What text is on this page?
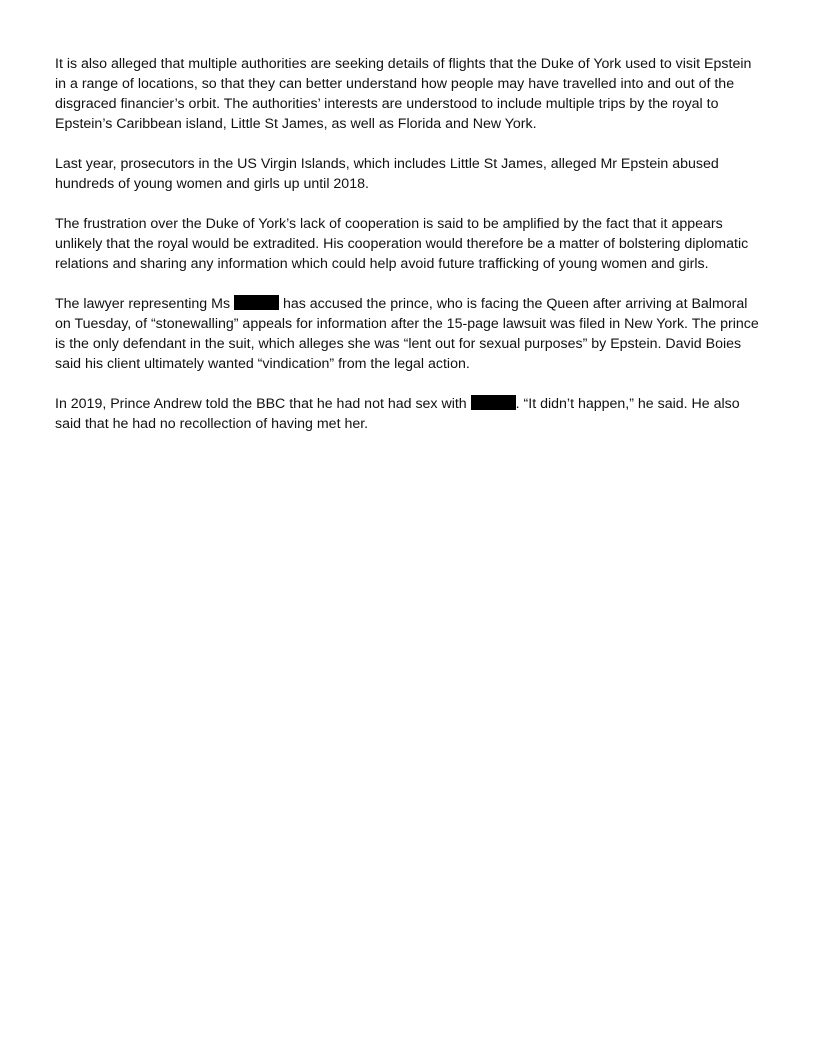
It is also alleged that multiple authorities are seeking details of flights that the Duke of York used to visit Epstein in a range of locations, so that they can better understand how people may have travelled into and out of the disgraced financier’s orbit. The authorities’ interests are understood to include multiple trips by the royal to Epstein’s Caribbean island, Little St James, as well as Florida and New York.

Last year, prosecutors in the US Virgin Islands, which includes Little St James, alleged Mr Epstein abused hundreds of young women and girls up until 2018.

The frustration over the Duke of York’s lack of cooperation is said to be amplified by the fact that it appears unlikely that the royal would be extradited. His cooperation would therefore be a matter of bolstering diplomatic relations and sharing any information which could help avoid future trafficking of young women and girls.

The lawyer representing Ms	has accused the prince, who is facing the Queen after arriving at Balmoral on Tuesday, of “stonewalling” appeals for information after the 15-page lawsuit was filed in New York. The prince is the only defendant in the suit, which alleges she was “lent out for sexual purposes” by Epstein. David Boies said his client ultimately wanted “vindication” from the legal action.

In 2019, Prince Andrew told the BBC that he had not had sex with	. “It didn’t happen,” he said. He also said that he had no recollection of having met her.
